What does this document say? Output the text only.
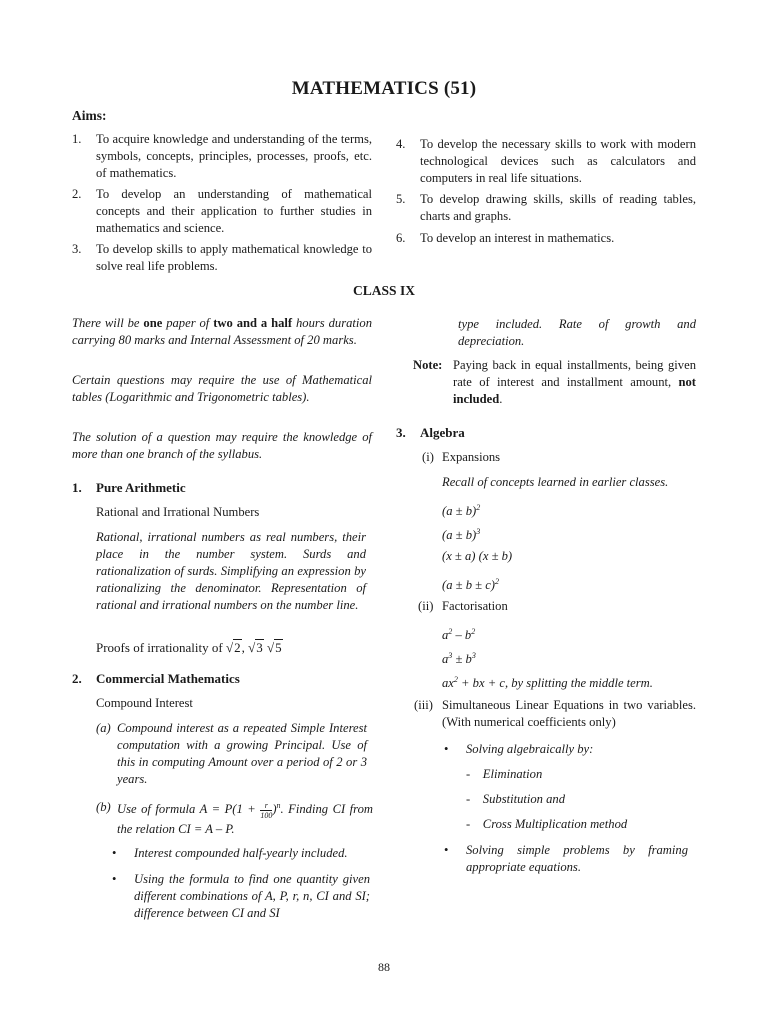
MATHEMATICS (51)
Aims:
1. To acquire knowledge and understanding of the terms, symbols, concepts, principles, processes, proofs, etc. of mathematics.
2. To develop an understanding of mathematical concepts and their application to further studies in mathematics and science.
3. To develop skills to apply mathematical knowledge to solve real life problems.
4. To develop the necessary skills to work with modern technological devices such as calculators and computers in real life situations.
5. To develop drawing skills, skills of reading tables, charts and graphs.
6. To develop an interest in mathematics.
CLASS IX
There will be one paper of two and a half hours duration carrying 80 marks and Internal Assessment of 20 marks.
Certain questions may require the use of Mathematical tables (Logarithmic and Trigonometric tables).
The solution of a question may require the knowledge of more than one branch of the syllabus.
1. Pure Arithmetic
Rational and Irrational Numbers
Rational, irrational numbers as real numbers, their place in the number system. Surds and rationalization of surds. Simplifying an expression by rationalizing the denominator. Representation of rational and irrational numbers on the number line.
Proofs of irrationality of √2, √3 √5
2. Commercial Mathematics
Compound Interest
(a) Compound interest as a repeated Simple Interest computation with a growing Principal. Use of this in computing Amount over a period of 2 or 3 years.
(b) Use of formula $A = P(1 + \frac{r}{100} )^n$. Finding CI from the relation CI = A – P.
• Interest compounded half-yearly included.
• Using the formula to find one quantity given different combinations of A, P, r, n, CI and SI; difference between CI and SI
type included. Rate of growth and depreciation.
Note: Paying back in equal installments, being given rate of interest and installment amount, not included.
3. Algebra
(i) Expansions
Recall of concepts learned in earlier classes.
$(a \pm b)^2$
$(a \pm b)^3$
(x ± a) (x ± b)
$(a \pm b \pm c)^2$
(ii) Factorisation
$a^2 - b^2$
$a^3 \pm b^3$
$ax^2$ + bx + c, by splitting the middle term.
(iii) Simultaneous Linear Equations in two variables. (With numerical coefficients only)
• Solving algebraically by:
-    Elimination
-    Substitution and
-    Cross Multiplication method
• Solving simple problems by framing appropriate equations.
88
